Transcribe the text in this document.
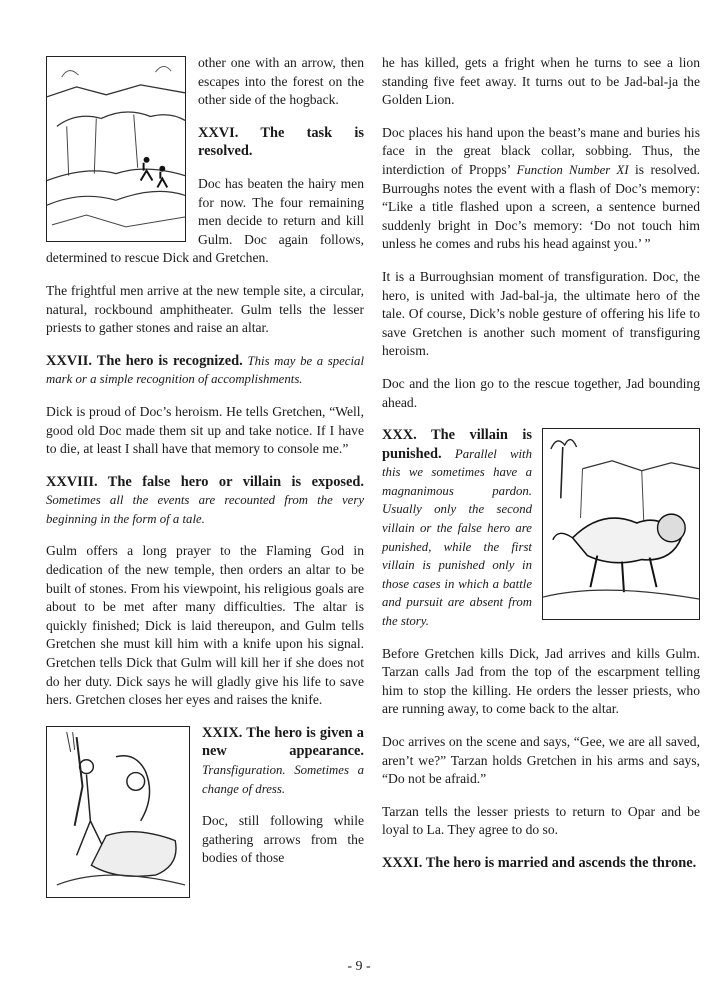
other one with an arrow, then escapes into the forest on the other side of the hogback.

XXVI. The task is resolved.

Doc has beaten the hairy men for now. The four remaining men decide to return and kill Gulm. Doc again follows, determined to rescue Dick and Gretchen.

The frightful men arrive at the new temple site, a circular, natural, rockbound amphitheater. Gulm tells the lesser priests to gather stones and raise an altar.

XXVII. The hero is recognized. This may be a special mark or a simple recognition of accomplishments.

Dick is proud of Doc’s heroism. He tells Gretchen, “Well, good old Doc made them sit up and take notice. If I have to die, at least I shall have that memory to console me.”

XXVIII. The false hero or villain is exposed. Sometimes all the events are recounted from the very beginning in the form of a tale.

Gulm offers a long prayer to the Flaming God in dedication of the new temple, then orders an altar to be built of stones. From his viewpoint, his religious goals are about to be met after many difficulties. The altar is quickly finished; Dick is laid thereupon, and Gulm tells Gretchen she must kill him with a knife upon his signal. Gretchen tells Dick that Gulm will kill her if she does not do her duty. Dick says he will gladly give his life to save hers. Gretchen closes her eyes and raises the knife.

XXIX. The hero is given a new appearance. Transfiguration. Sometimes a change of dress.

Doc, still following while gathering arrows from the bodies of those

he has killed, gets a fright when he turns to see a lion standing five feet away. It turns out to be Jad-bal-ja the Golden Lion.

Doc places his hand upon the beast’s mane and buries his face in the great black collar, sobbing. Thus, the interdiction of Propps’ Function Number XI is resolved. Burroughs notes the event with a flash of Doc’s memory: “Like a title flashed upon a screen, a sentence burned suddenly bright in Doc’s memory: ‘Do not touch him unless he comes and rubs his head against you.’ ”

It is a Burroughsian moment of transfiguration. Doc, the hero, is united with Jad-bal-ja, the ultimate hero of the tale. Of course, Dick’s noble gesture of offering his life to save Gretchen is another such moment of transfiguring heroism.

Doc and the lion go to the rescue together, Jad bounding ahead.

XXX. The villain is punished. Parallel with this we sometimes have a magnanimous pardon. Usually only the second villain or the false hero are punished, while the first villain is punished only in those cases in which a battle and pursuit are absent from the story.

Before Gretchen kills Dick, Jad arrives and kills Gulm. Tarzan calls Jad from the top of the escarpment telling him to stop the killing. He orders the lesser priests, who are running away, to come back to the altar.

Doc arrives on the scene and says, “Gee, we are all saved, aren’t we?” Tarzan holds Gretchen in his arms and says, “Do not be afraid.”

Tarzan tells the lesser priests to return to Opar and be loyal to La. They agree to do so.

XXXI. The hero is married and ascends the throne.

- 9 -
